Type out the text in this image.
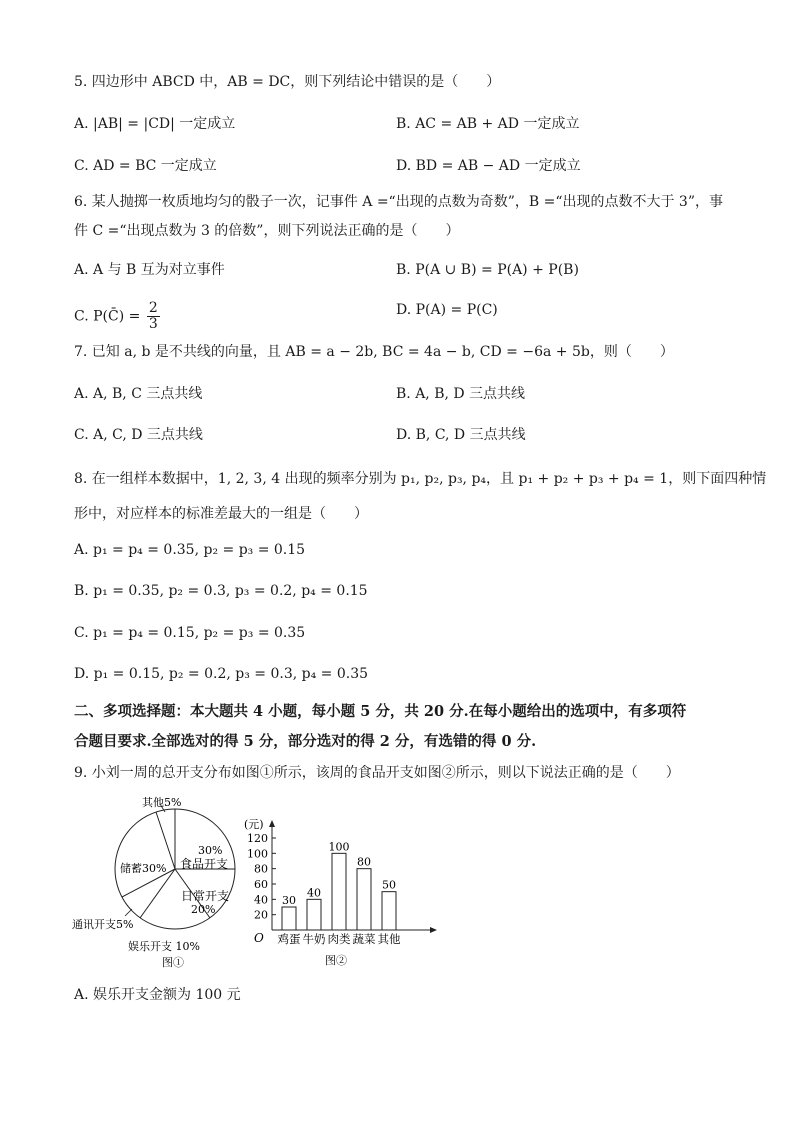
5. 四边形中 ABCD 中，AB = DC，则下列结论中错误的是（　　）
A. |AB| = |CD| 一定成立	B. AC = AB + AD 一定成立
C. AD = BC 一定成立	D. BD = AB − AD 一定成立
6. 某人抛掷一枚质地均匀的骰子一次，记事件 A =“出现的点数为奇数”，B =“出现的点数不大于 3”，事
件 C =“出现点数为 3 的倍数”，则下列说法正确的是（　　）
A. A 与 B 互为对立事件	B. P(A ∪ B) = P(A) + P(B)
C. P(C̄) = $\frac{2}{3}$	D. P(A) = P(C)
7. 已知 a, b 是不共线的向量，且 AB = a − 2b, BC = 4a − b, CD = −6a + 5b，则（　　）
A. A, B, C 三点共线	B. A, B, D 三点共线
C. A, C, D 三点共线	D. B, C, D 三点共线
8. 在一组样本数据中，1, 2, 3, 4 出现的频率分别为 p₁, p₂, p₃, p₄，且 p₁ + p₂ + p₃ + p₄ = 1，则下面四种情
形中，对应样本的标准差最大的一组是（　　）
A. p₁ = p₄ = 0.35, p₂ = p₃ = 0.15
B. p₁ = 0.35, p₂ = 0.3, p₃ = 0.2, p₄ = 0.15
C. p₁ = p₄ = 0.15, p₂ = p₃ = 0.35
D. p₁ = 0.15, p₂ = 0.2, p₃ = 0.3, p₄ = 0.35
二、多项选择题：本大题共 4 小题，每小题 5 分，共 20 分.在每小题给出的选项中，有多项符
合题目要求.全部选对的得 5 分，部分选对的得 2 分，有选错的得 0 分.
9. 小刘一周的总开支分布如图①所示，该周的食品开支如图②所示，则以下说法正确的是（　　）
其他5%
30%
食品开支
储蓄30%
日常开支
20%
通讯开支5%
娱乐开支 10%
图①
(元)
O
20
40
60
80
100
120
图②
30
鸡蛋
40
牛奶
100
肉类
80
蔬菜
50
其他
A. 娱乐开支金额为 100 元
